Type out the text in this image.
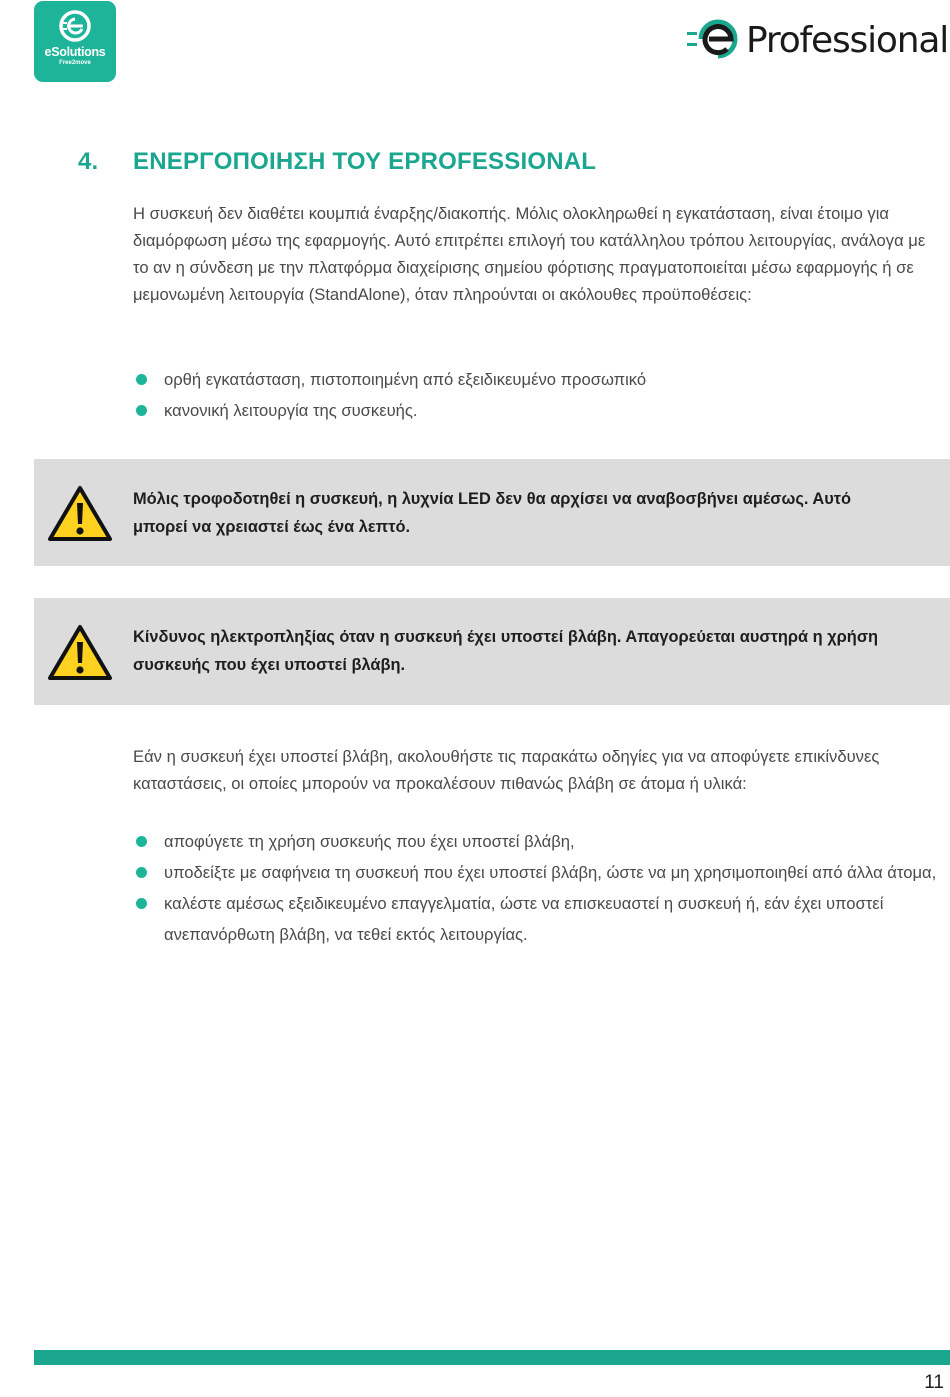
eSolutions
Free2move
Professional
4. ΕΝΕΡΓΟΠΟΙΗΣΗ ΤΟΥ EPROFESSIONAL
Η συσκευή δεν διαθέτει κουμπιά έναρξης/διακοπής. Μόλις ολοκληρωθεί η εγκατάσταση, είναι έτοιμο για διαμόρφωση μέσω της εφαρμογής. Αυτό επιτρέπει επιλογή του κατάλληλου τρόπου λειτουργίας, ανάλογα με το αν η σύνδεση με την πλατφόρμα διαχείρισης σημείου φόρτισης πραγματοποιείται μέσω εφαρμογής ή σε μεμονωμένη λειτουργία (StandAlone), όταν πληρούνται οι ακόλουθες προϋποθέσεις:
ορθή εγκατάσταση, πιστοποιημένη από εξειδικευμένο προσωπικό
κανονική λειτουργία της συσκευής.
Μόλις τροφοδοτηθεί η συσκευή, η λυχνία LED δεν θα αρχίσει να αναβοσβήνει αμέσως. Αυτό μπορεί να χρειαστεί έως ένα λεπτό.
Κίνδυνος ηλεκτροπληξίας όταν η συσκευή έχει υποστεί βλάβη. Απαγορεύεται αυστηρά η χρήση συσκευής που έχει υποστεί βλάβη.
Εάν η συσκευή έχει υποστεί βλάβη, ακολουθήστε τις παρακάτω οδηγίες για να αποφύγετε επικίνδυνες καταστάσεις, οι οποίες μπορούν να προκαλέσουν πιθανώς βλάβη σε άτομα ή υλικά:
αποφύγετε τη χρήση συσκευής που έχει υποστεί βλάβη,
υποδείξτε με σαφήνεια τη συσκευή που έχει υποστεί βλάβη, ώστε να μη χρησιμοποιηθεί από άλλα άτομα,
καλέστε αμέσως εξειδικευμένο επαγγελματία, ώστε να επισκευαστεί η συσκευή ή, εάν έχει υποστεί ανεπανόρθωτη βλάβη, να τεθεί εκτός λειτουργίας.
11
